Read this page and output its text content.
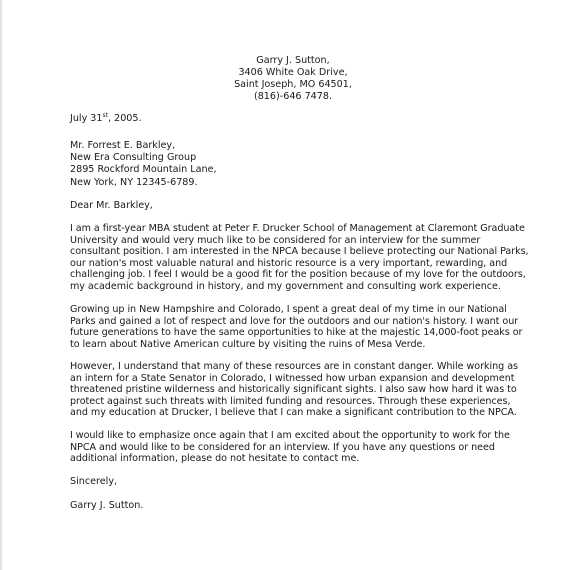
Garry J. Sutton,
3406 White Oak Drive,
Saint Joseph, MO 64501,
(816)-646 7478.
July 31st, 2005.
Mr. Forrest E. Barkley,
New Era Consulting Group
2895 Rockford Mountain Lane,
New York, NY 12345-6789.
Dear Mr. Barkley,
I am a first-year MBA student at Peter F. Drucker School of Management at Claremont Graduate University and would very much like to be considered for an interview for the summer consultant position. I am interested in the NPCA because I believe protecting our National Parks, our nation's most valuable natural and historic resource is a very important, rewarding, and challenging job. I feel I would be a good fit for the position because of my love for the outdoors, my academic background in history, and my government and consulting work experience.
Growing up in New Hampshire and Colorado, I spent a great deal of my time in our National Parks and gained a lot of respect and love for the outdoors and our nation's history. I want our future generations to have the same opportunities to hike at the majestic 14,000-foot peaks or to learn about Native American culture by visiting the ruins of Mesa Verde.
However, I understand that many of these resources are in constant danger. While working as an intern for a State Senator in Colorado, I witnessed how urban expansion and development threatened pristine wilderness and historically significant sights. I also saw how hard it was to protect against such threats with limited funding and resources. Through these experiences, and my education at Drucker, I believe that I can make a significant contribution to the NPCA.
I would like to emphasize once again that I am excited about the opportunity to work for the NPCA and would like to be considered for an interview. If you have any questions or need additional information, please do not hesitate to contact me.
Sincerely,
Garry J. Sutton.
